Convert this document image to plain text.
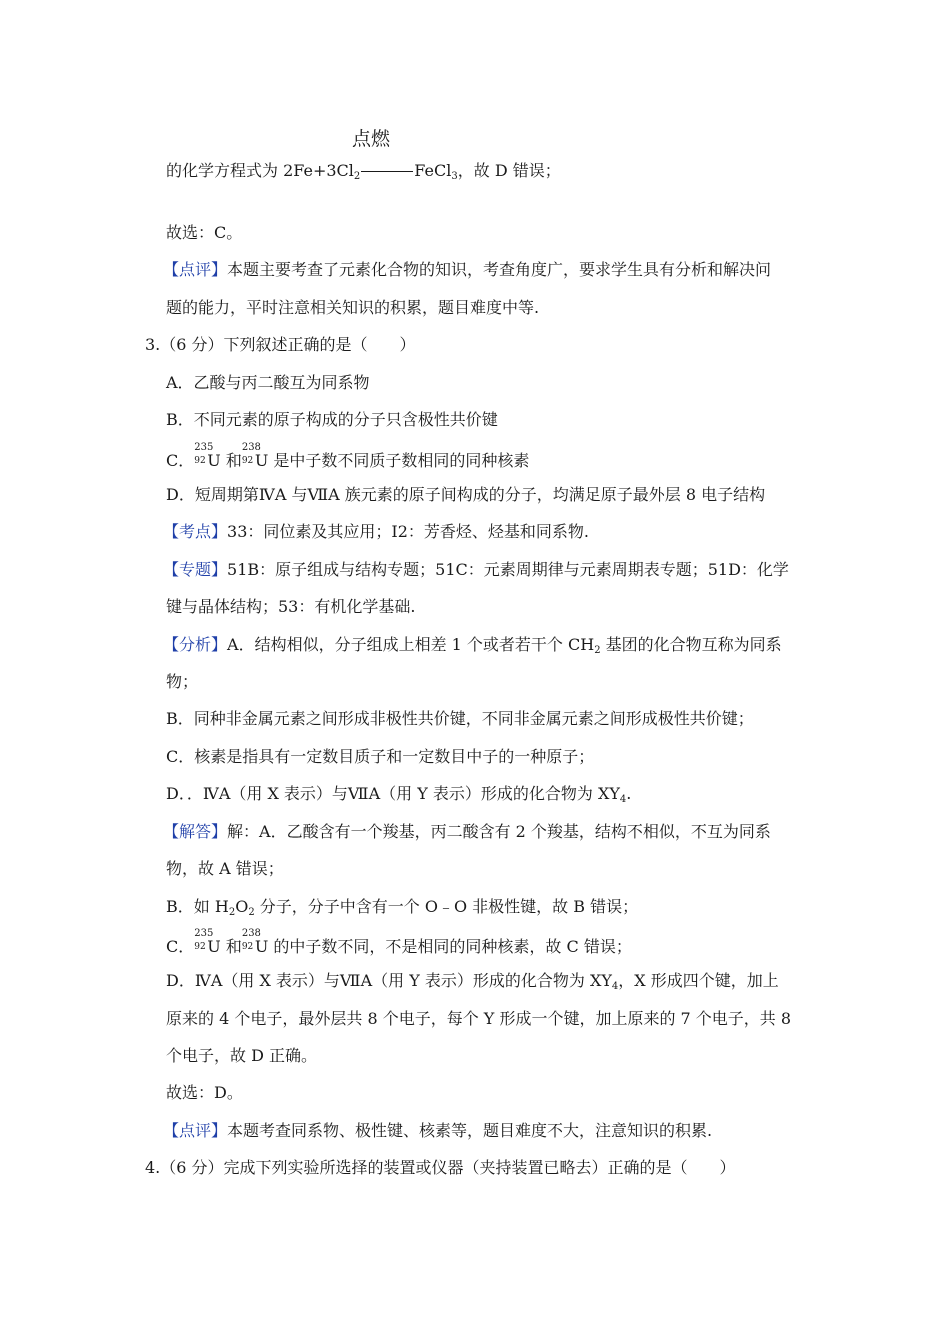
点燃
的化学方程式为 $2Fe+3Cl_2$	FeCl$_3$，故 D 错误；
故选：C。
【点评】本题主要考查了元素化合物的知识，考查角度广，要求学生具有分析和解决问
题的能力，平时注意相关知识的积累，题目难度中等.
3.（6 分）下列叙述正确的是（　　）
A．乙酸与丙二酸互为同系物
B．不同元素的原子构成的分子只含极性共价键
C．
235
92 U 和
238
92 U 是中子数不同质子数相同的同种核素
D．短周期第ⅣA 与ⅦA 族元素的原子间构成的分子，均满足原子最外层 8 电子结构
【考点】33：同位素及其应用；I2：芳香烃、烃基和同系物.
【专题】51B：原子组成与结构专题；51C：元素周期律与元素周期表专题；51D：化学
键与晶体结构；53：有机化学基础.
【分析】A．结构相似，分子组成上相差 1 个或者若干个 $CH_2$ 基团的化合物互称为同系
物；
B．同种非金属元素之间形成非极性共价键，不同非金属元素之间形成极性共价键；
C．核素是指具有一定数目质子和一定数目中子的一种原子；
D．．ⅣA（用 X 表示）与ⅦA（用 Y 表示）形成的化合物为 $XY_4$.
【解答】解：A．乙酸含有一个羧基，丙二酸含有 2 个羧基，结构不相似，不互为同系
物，故 A 错误；
B．如 $H_2O_2$ 分子，分子中含有一个 O﹣O 非极性键，故 B 错误；
C．
235
92 U 和
238
92 U 的中子数不同，不是相同的同种核素，故 C 错误；
D．ⅣA（用 X 表示）与ⅦA（用 Y 表示）形成的化合物为 $XY_4$，X 形成四个键，加上
原来的 4 个电子，最外层共 8 个电子，每个 Y 形成一个键，加上原来的 7 个电子，共 8
个电子，故 D 正确。
故选：D。
【点评】本题考查同系物、极性键、核素等，题目难度不大，注意知识的积累.
4.（6 分）完成下列实验所选择的装置或仪器（夹持装置已略去）正确的是（　　）
